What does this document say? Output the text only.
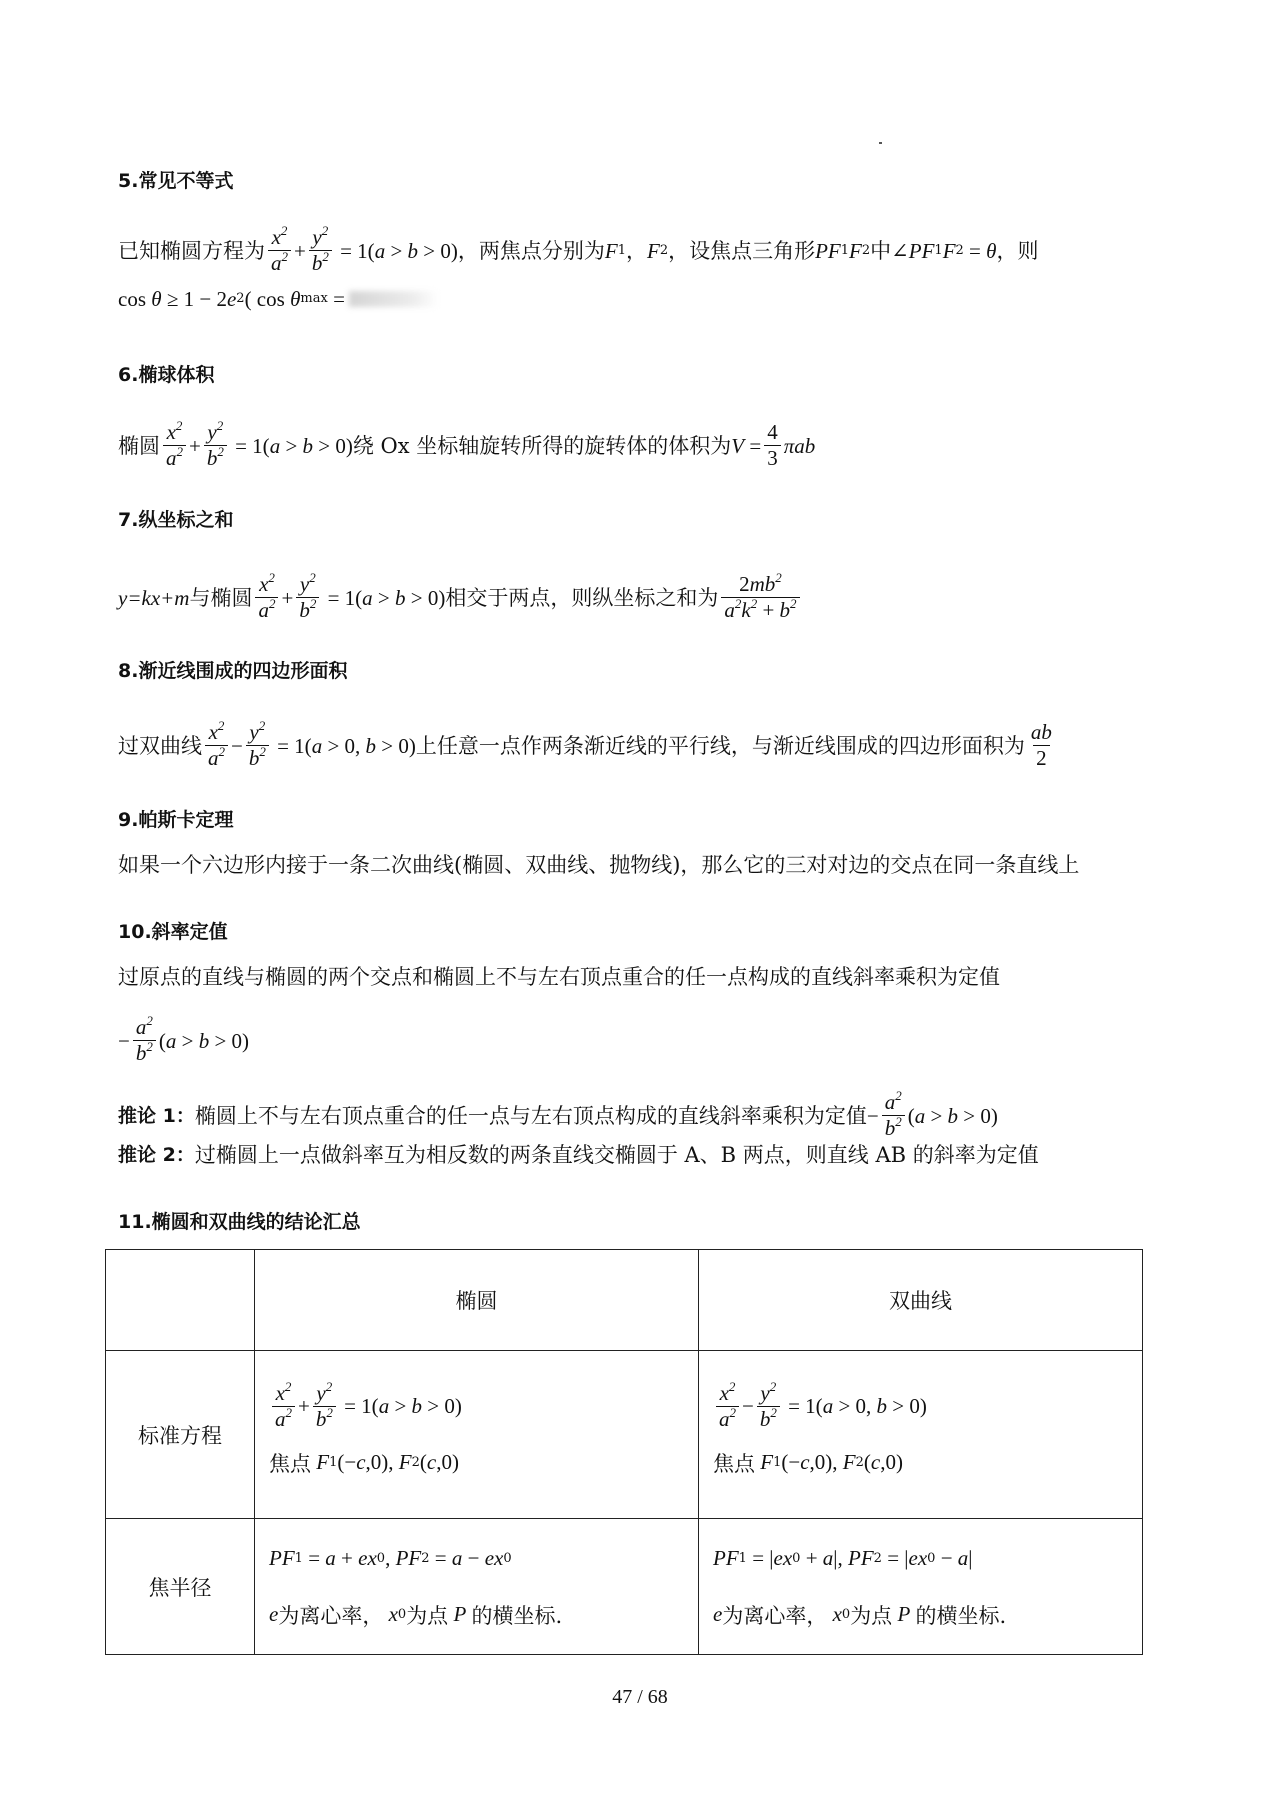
5.常见不等式
已知椭圆方程为 $\frac{x^2}{a^2} + \frac{y^2}{b^2} = 1$( a > b > 0) ，两焦点分别为 F 1 ， F 2 ，设焦点三角形 PF 1 F 2 中 ∠ PF 1 F 2 = θ ，则
cos θ ≥ 1 − 2 e 2 ( cos θ max =
6.椭球体积
椭圆 $\frac{x^2}{a^2} + \frac{y^2}{b^2} = 1$( a > b > 0) 绕 Ox 坐标轴旋转所得的旋转体的体积为 $V = \frac{4}{3}$ πab
7.纵坐标之和
y=kx+m 与椭圆 $\frac{x^2}{a^2} + \frac{y^2}{b^2} = 1$( a > b > 0) 相交于两点，则纵坐标之和为 $\frac{2mb^2}{a^2k^2 + b^2}$
8.渐近线围成的四边形面积
过双曲线 $\frac{x^2}{a^2} - \frac{y^2}{b^2} = 1$( a > 0, b > 0) 上任意一点作两条渐近线的平行线，与渐近线围成的四边形面积为 $\frac{ab}{2}$
9.帕斯卡定理
如果一个六边形内接于一条二次曲线(椭圆、双曲线、抛物线)，那么它的三对对边的交点在同一条直线上
10.斜率定值
过原点的直线与椭圆的两个交点和椭圆上不与左右顶点重合的任一点构成的直线斜率乘积为定值
− $\frac{a^2}{b^2}$ ( a > b > 0)
推论 1： 椭圆上不与左右顶点重合的任一点与左右顶点构成的直线斜率乘积为定值 − $\frac{a^2}{b^2}$ ( a > b > 0)
推论 2： 过椭圆上一点做斜率互为相反数的两条直线交椭圆于 A、B 两点，则直线 AB 的斜率为定值
11.椭圆和双曲线的结论汇总
椭圆	双曲线
标准方程
$\frac{x^2}{a^2} + \frac{y^2}{b^2} = 1$( a > b > 0)
焦点 F 1 (− c ,0), F 2 ( c ,0)
$\frac{x^2}{a^2} - \frac{y^2}{b^2} = 1$( a > 0, b > 0)
焦点 F 1 (− c ,0), F 2 ( c ,0)
焦半径
PF 1 = a + ex 0 , PF 2 = a − ex 0
e 为离心率， x 0 为点 P 的横坐标.
PF 1 = | ex 0 + a |, PF 2 = | ex 0 − a |
e 为离心率， x 0 为点 P 的横坐标.
47 / 68
